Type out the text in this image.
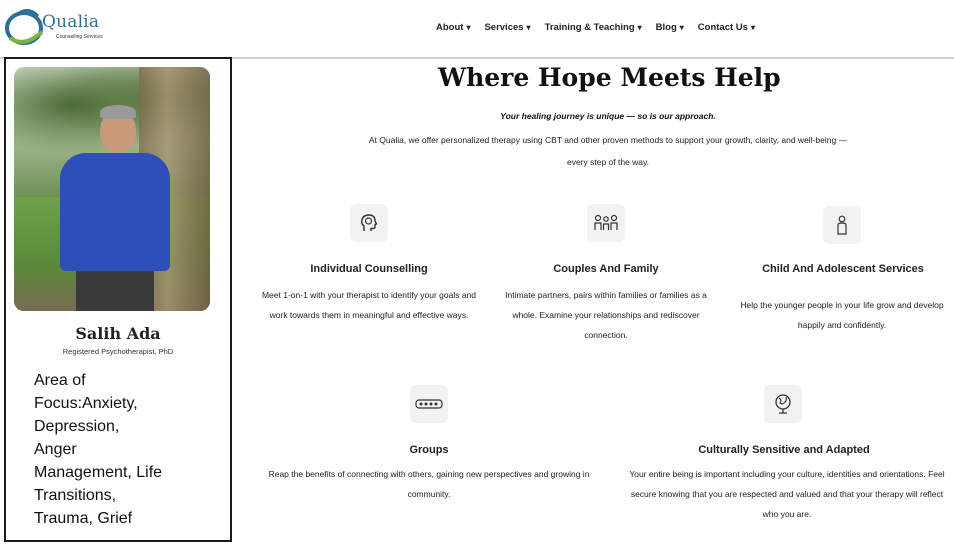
Qualia
Counselling Services
About ▾ Services ▾ Training & Teaching ▾ Blog ▾ Contact Us ▾
Salih Ada
Registered Psychotherapist, PhD
Area of
Focus:Anxiety,
Depression,
Anger
Management, Life
Transitions,
Trauma, Grief
Where Hope Meets Help
Your healing journey is unique — so is our approach.
At Qualia, we offer personalized therapy using CBT and other proven methods to support your growth, clarity, and well-being — every step of the way.
Individual Counselling
Meet 1-on-1 with your therapist to identify your goals and work towards them in meaningful and effective ways.
Couples And Family
Intimate partners, pairs within families or families as a whole. Examine your relationships and rediscover connection.
Child And Adolescent Services
Help the younger people in your life grow and develop happily and confidently.
Groups
Reap the benefits of connecting with others, gaining new perspectives and growing in community.
Culturally Sensitive and Adapted
Your entire being is important including your culture, identities and orientations. Feel secure knowing that you are respected and valued and that your therapy will reflect who you are.
